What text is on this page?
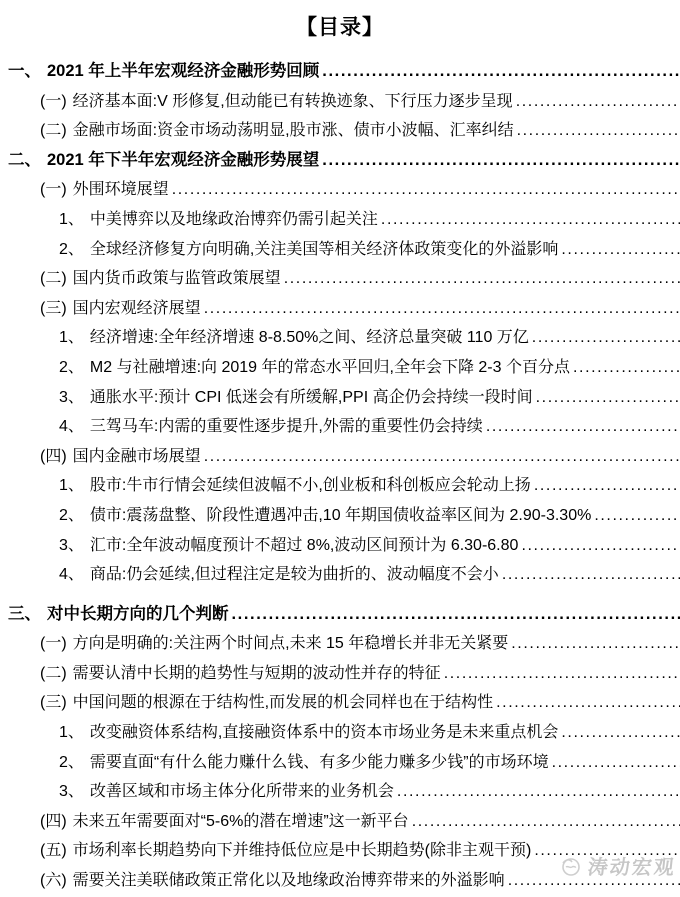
【目录】
一、 2021 年上半年宏观经济金融形势回顾
.....
(一) 经济基本面:V 形修复,但动能已有转换迹象、下行压力逐步呈现
.....
(二) 金融市场面:资金市场动荡明显,股市涨、债市小波幅、汇率纠结
.....
二、 2021 年下半年宏观经济金融形势展望
.....
(一) 外围环境展望
.....
1、 中美博弈以及地缘政治博弈仍需引起关注
.....
2、 全球经济修复方向明确,关注美国等相关经济体政策变化的外溢影响
.....
(二) 国内货币政策与监管政策展望
.....
(三) 国内宏观经济展望
.....
1、 经济增速:全年经济增速 8-8.50%之间、经济总量突破 110 万亿
.....
2、 M2 与社融增速:向 2019 年的常态水平回归,全年会下降 2-3 个百分点
.....
3、 通胀水平:预计 CPI 低迷会有所缓解,PPI 高企仍会持续一段时间
.....
4、 三驾马车:内需的重要性逐步提升,外需的重要性仍会持续
.....
(四) 国内金融市场展望
.....
1、 股市:牛市行情会延续但波幅不小,创业板和科创板应会轮动上扬
.....
2、 债市:震荡盘整、阶段性遭遇冲击,10 年期国债收益率区间为 2.90-3.30%
.....
3、 汇市:全年波动幅度预计不超过 8%,波动区间预计为 6.30-6.80
.....
4、 商品:仍会延续,但过程注定是较为曲折的、波动幅度不会小
.....
三、 对中长期方向的几个判断
.....
(一) 方向是明确的:关注两个时间点,未来 15 年稳增长并非无关紧要
.....
(二) 需要认清中长期的趋势性与短期的波动性并存的特征
.....
(三) 中国问题的根源在于结构性,而发展的机会同样也在于结构性
.....
1、 改变融资体系结构,直接融资体系中的资本市场业务是未来重点机会
.....
2、 需要直面“有什么能力赚什么钱、有多少能力赚多少钱”的市场环境
.....
3、 改善区域和市场主体分化所带来的业务机会
.....
(四) 未来五年需要面对“5-6%的潜在增速”这一新平台
.....
(五) 市场利率长期趋势向下并维持低位应是中长期趋势(除非主观干预)
.....
(六) 需要关注美联储政策正常化以及地缘政治博弈带来的外溢影响
.....
涛动宏观
